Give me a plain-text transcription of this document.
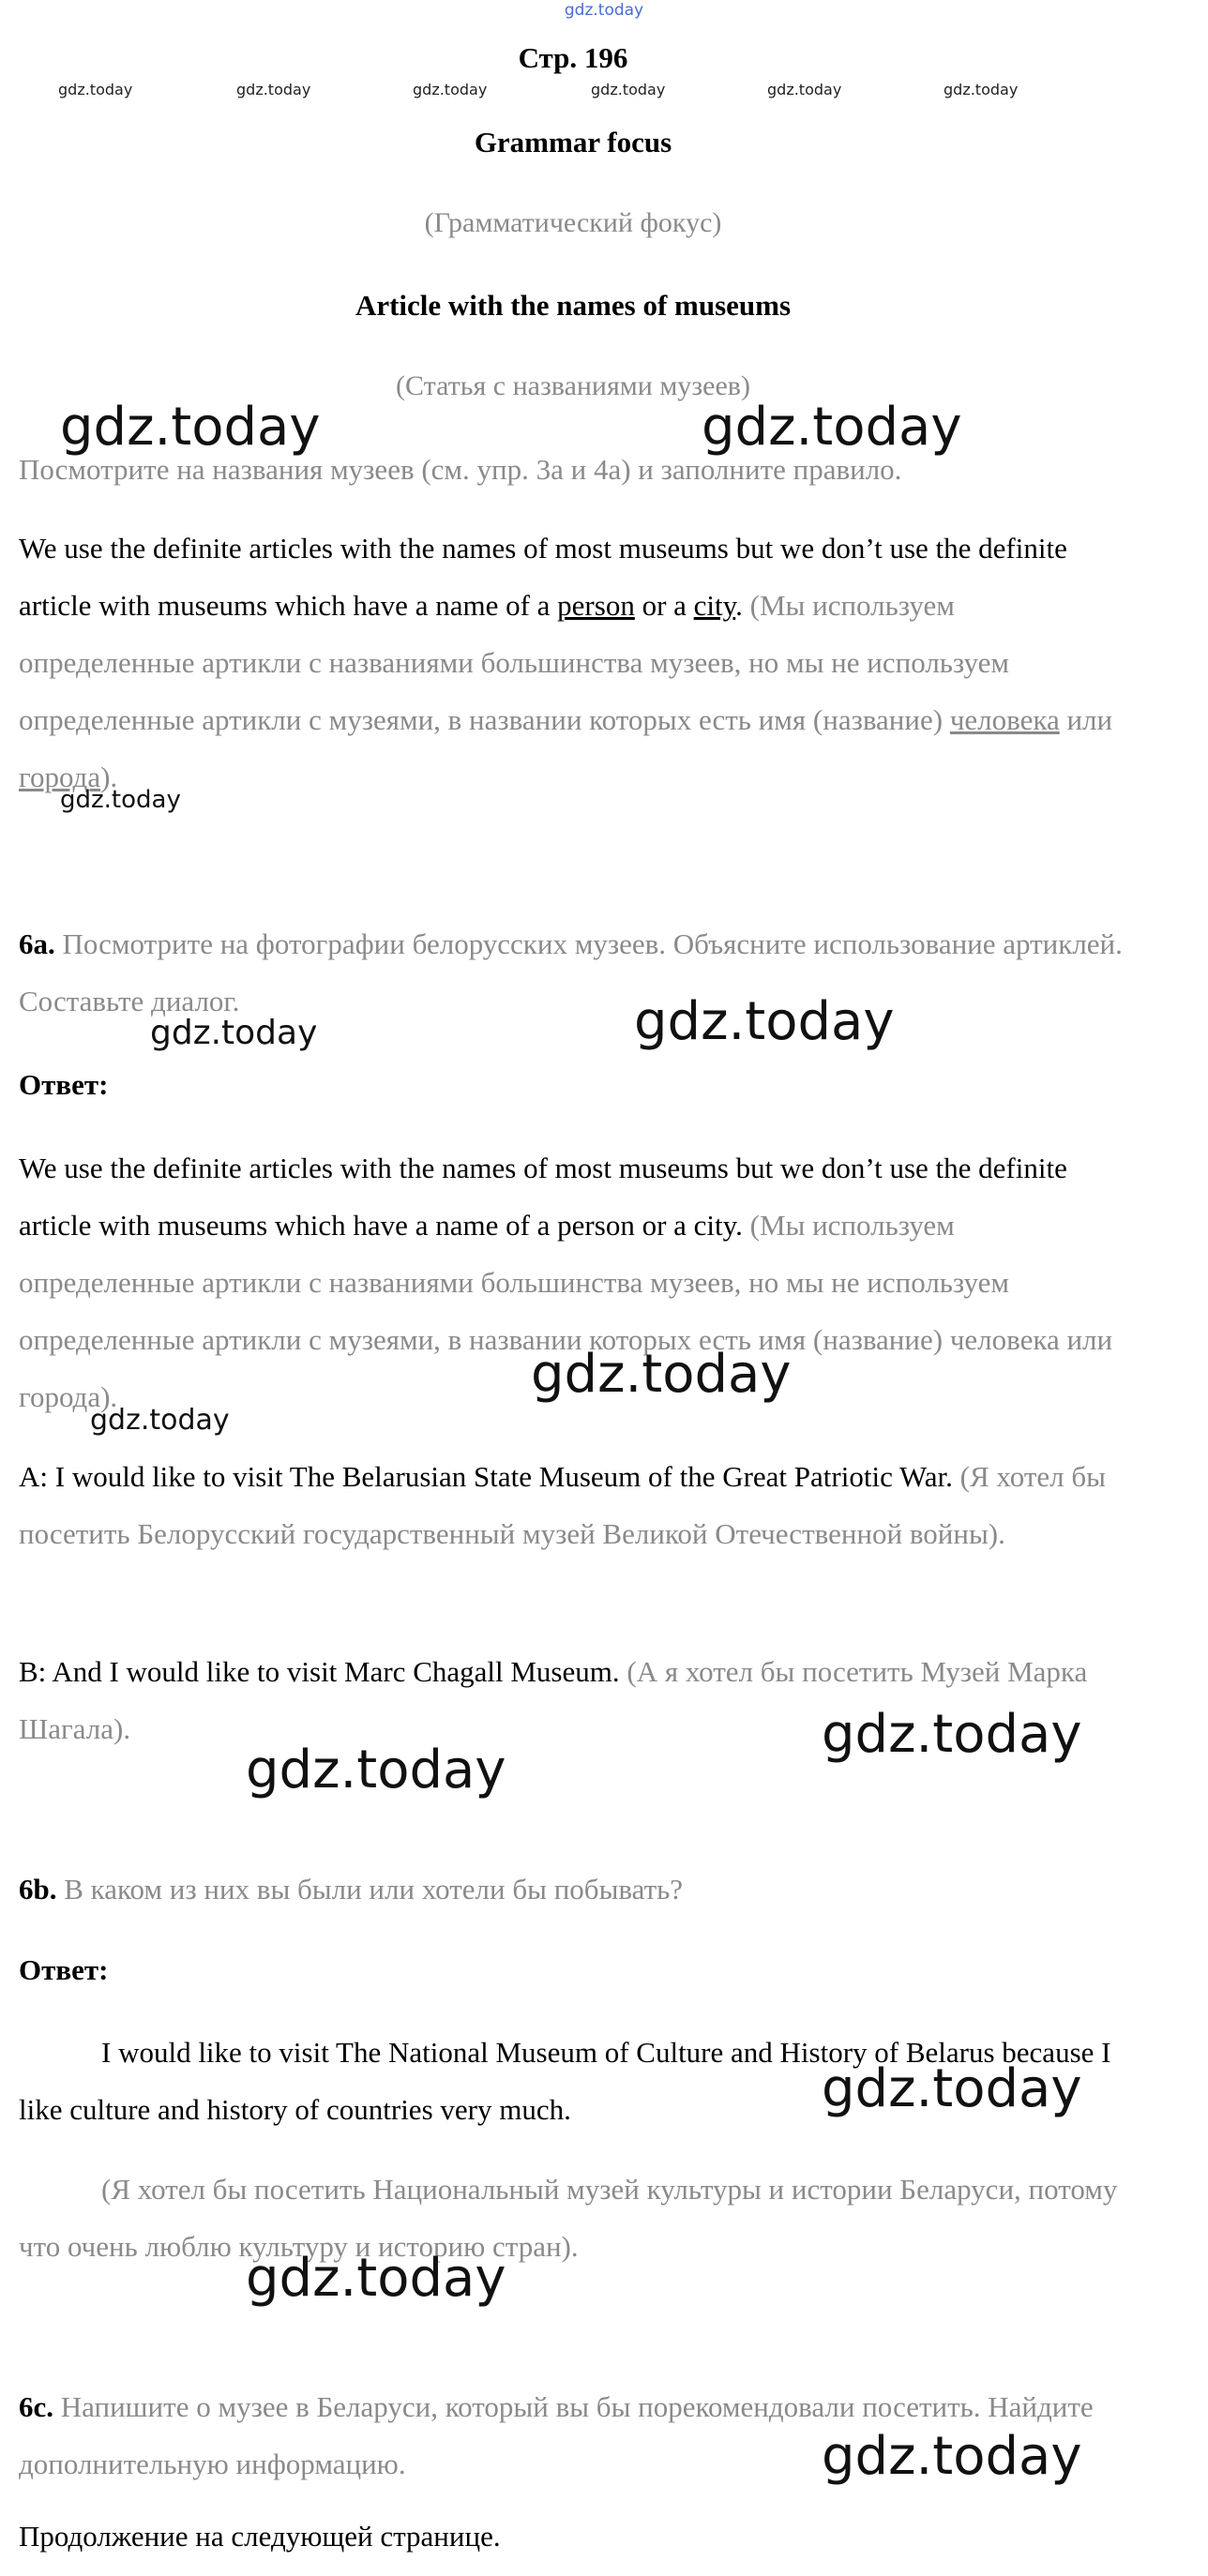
gdz.today
Стр. 196
gdz.today	gdz.today	gdz.today	gdz.today	gdz.today	gdz.today
Grammar focus
(Грамматический фокус)
Article with the names of museums
(Статья с названиями музеев)
Посмотрите на названия музеев (см. упр. 3a и 4a) и заполните правило.
We use the definite articles with the names of most museums but we don’t use the definite article with museums which have a name of a person or a city. (Мы используем определенные артикли с названиями большинства музеев, но мы не используем определенные артикли с музеями, в названии которых есть имя (название) человека или города).
6a. Посмотрите на фотографии белорусских музеев. Объясните использование артиклей. Составьте диалог.
Ответ:
We use the definite articles with the names of most museums but we don’t use the definite article with museums which have a name of a person or a city. (Мы используем определенные артикли с названиями большинства музеев, но мы не используем определенные артикли с музеями, в названии которых есть имя (название) человека или города).
A: I would like to visit The Belarusian State Museum of the Great Patriotic War. (Я хотел бы посетить Белорусский государственный музей Великой Отечественной войны).
B: And I would like to visit Marc Chagall Museum. (А я хотел бы посетить Музей Марка Шагала).
6b. В каком из них вы были или хотели бы побывать?
Ответ:
I would like to visit The National Museum of Culture and History of Belarus because I like culture and history of countries very much.
(Я хотел бы посетить Национальный музей культуры и истории Беларуси, потому что очень люблю культуру и историю стран).
6c. Напишите о музее в Беларуси, который вы бы порекомендовали посетить. Найдите дополнительную информацию.
Продолжение на следующей странице.
gdz.today	gdz.today
gdz.today
gdz.today	gdz.today
gdz.today
gdz.today
gdz.today
gdz.today
gdz.today
gdz.today
gdz.today
